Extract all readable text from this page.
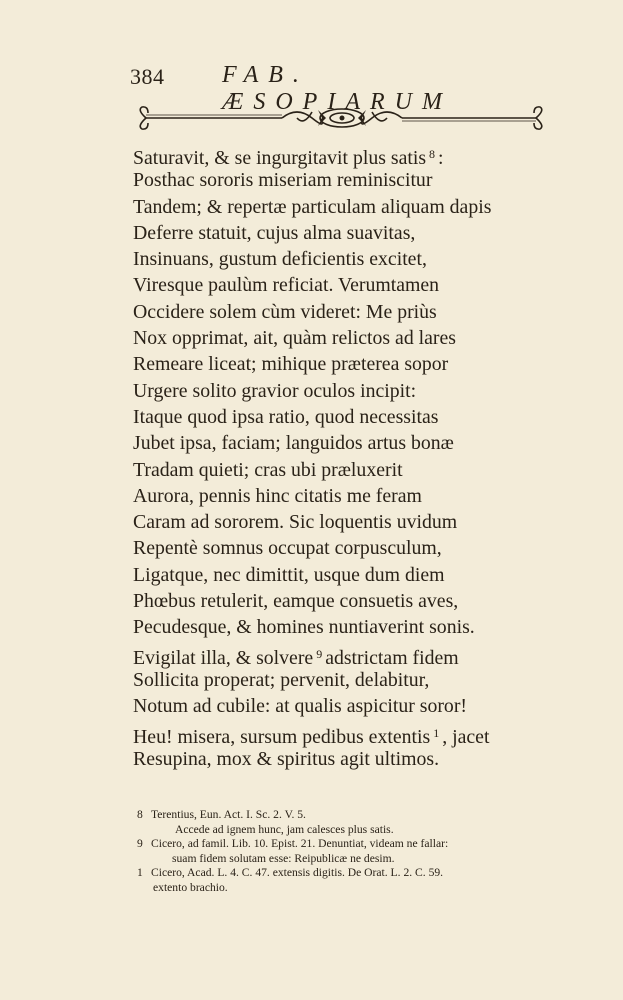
384 FAB. ÆSOPIARUM
Saturavit, & se ingurgitavit plus satis $^8$ :
Posthac sororis miseriam reminiscitur
Tandem; & repertæ particulam aliquam dapis
Deferre statuit, cujus alma suavitas,
Insinuans, gustum deficientis excitet,
Viresque paulùm reficiat. Verumtamen
Occidere solem cùm videret: Me priùs
Nox opprimat, ait, quàm relictos ad lares
Remeare liceat; mihique præterea sopor
Urgere solito gravior oculos incipit:
Itaque quod ipsa ratio, quod necessitas
Jubet ipsa, faciam; languidos artus bonæ
Tradam quieti; cras ubi præluxerit
Aurora, pennis hinc citatis me feram
Caram ad sororem. Sic loquentis uvidum
Repentè somnus occupat corpusculum,
Ligatque, nec dimittit, usque dum diem
Phœbus retulerit, eamque consuetis aves,
Pecudesque, & homines nuntiaverint sonis.
Evigilat illa, & solvere $^9$ adstrictam fidem
Sollicita properat; pervenit, delabitur,
Notum ad cubile: at qualis aspicitur soror!
Heu! misera, sursum pedibus extentis $^1$ , jacet
Resupina, mox & spiritus agit ultimos.
8 Terentius, Eun. Act. I. Sc. 2. V. 5.
Accede ad ignem hunc, jam calesces plus satis.
9 Cicero, ad famil. Lib. 10. Epist. 21. Denuntiat, videam ne fallar:
suam fidem solutam esse: Reipublicæ ne desim.
1 Cicero, Acad. L. 4. C. 47. extensis digitis. De Orat. L. 2. C. 59.
extento brachio.
